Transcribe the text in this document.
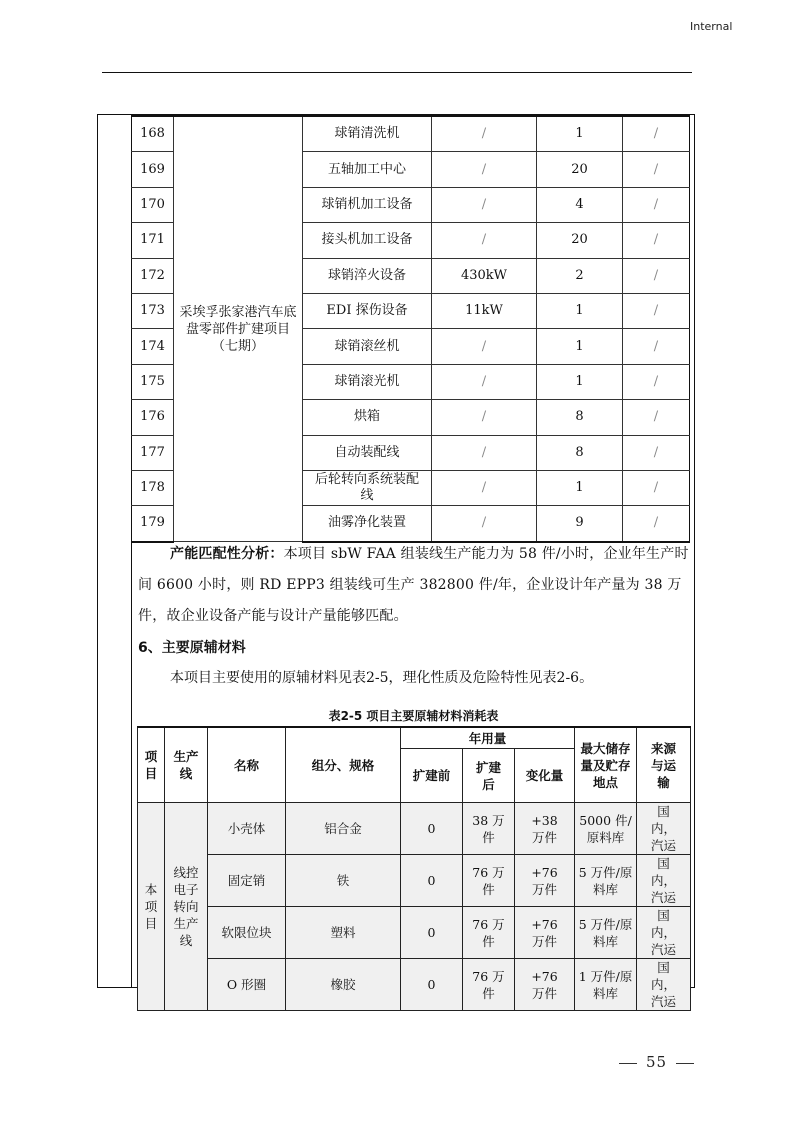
Internal
168	采埃孚张家港汽车底盘零部件扩建项目（七期）	球销清洗机	/	1	/
169		五轴加工中心	/	20	/
170		球销机加工设备	/	4	/
171		接头机加工设备	/	20	/
172		球销淬火设备	430kW	2	/
173		EDI 探伤设备	11kW	1	/
174		球销滚丝机	/	1	/
175		球销滚光机	/	1	/
176		烘箱	/	8	/
177		自动装配线	/	8	/
178		后轮转向系统装配线	/	1	/
179		油雾净化装置	/	9	/
产能匹配性分析：本项目 sbW FAA 组装线生产能力为 58 件/小时，企业年生产时间 6600 小时，则 RD EPP3 组装线可生产 382800 件/年，企业设计年产量为 38 万件，故企业设备产能与设计产量能够匹配。
6、主要原辅材料
本项目主要使用的原辅材料见表2-5，理化性质及危险特性见表2-6。
表2-5 项目主要原辅材料消耗表
项目	生产线	名称	组分、规格	年用量			最大储存量及贮存地点	来源与运输
				扩建前	扩建后	变化量		
本项目	线控电子转向生产线	小壳体	铝合金	0	38 万件	+38 万件	5000 件/原料库	国内，汽运
		固定销	铁	0	76 万件	+76 万件	5 万件/原料库	国内，汽运
		软限位块	塑料	0	76 万件	+76 万件	5 万件/原料库	国内，汽运
		O 形圈	橡胶	0	76 万件	+76 万件	1 万件/原料库	国内，汽运
55
